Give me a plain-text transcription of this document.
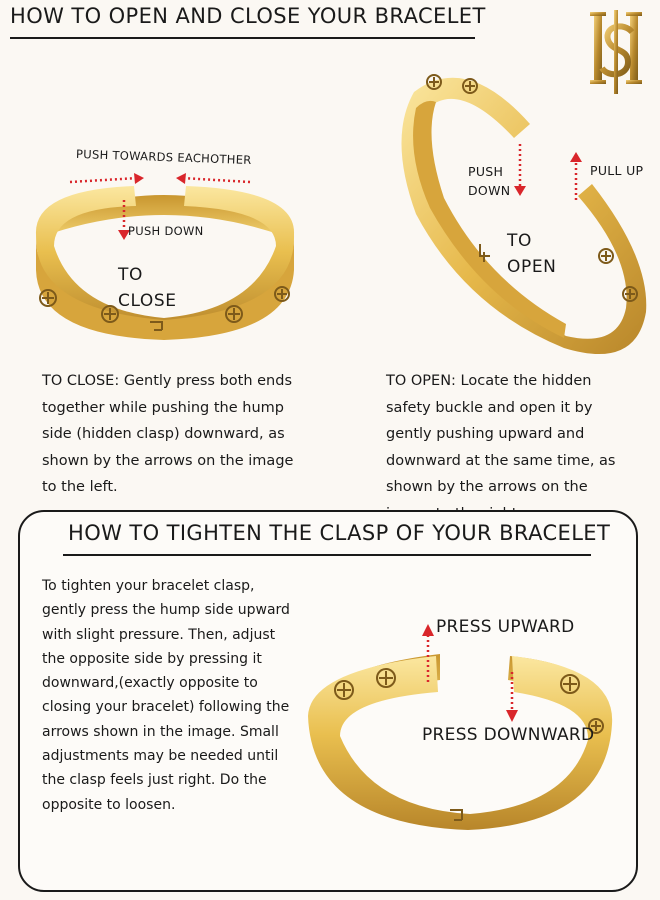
HOW TO OPEN AND CLOSE YOUR BRACELET
PUSH TOWARDS EACHOTHER
PUSH DOWN
TO
CLOSE
PUSH
DOWN
PULL UP
TO
OPEN
TO CLOSE: Gently press both ends together while pushing the hump side (hidden clasp) downward, as shown by the arrows on the image to the left.
TO OPEN: Locate the hidden safety buckle and open it by gently pushing upward and downward at the same time, as shown by the arrows on the
HOW TO TIGHTEN THE CLASP OF YOUR BRACELET
To tighten your bracelet clasp, gently press the hump side upward with slight pressure. Then, adjust the opposite side by pressing it downward,(exactly opposite to closing your bracelet) following the arrows shown in the image. Small adjustments may be needed until the clasp feels just right. Do the opposite to loosen.
PRESS UPWARD
PRESS DOWNWARD
